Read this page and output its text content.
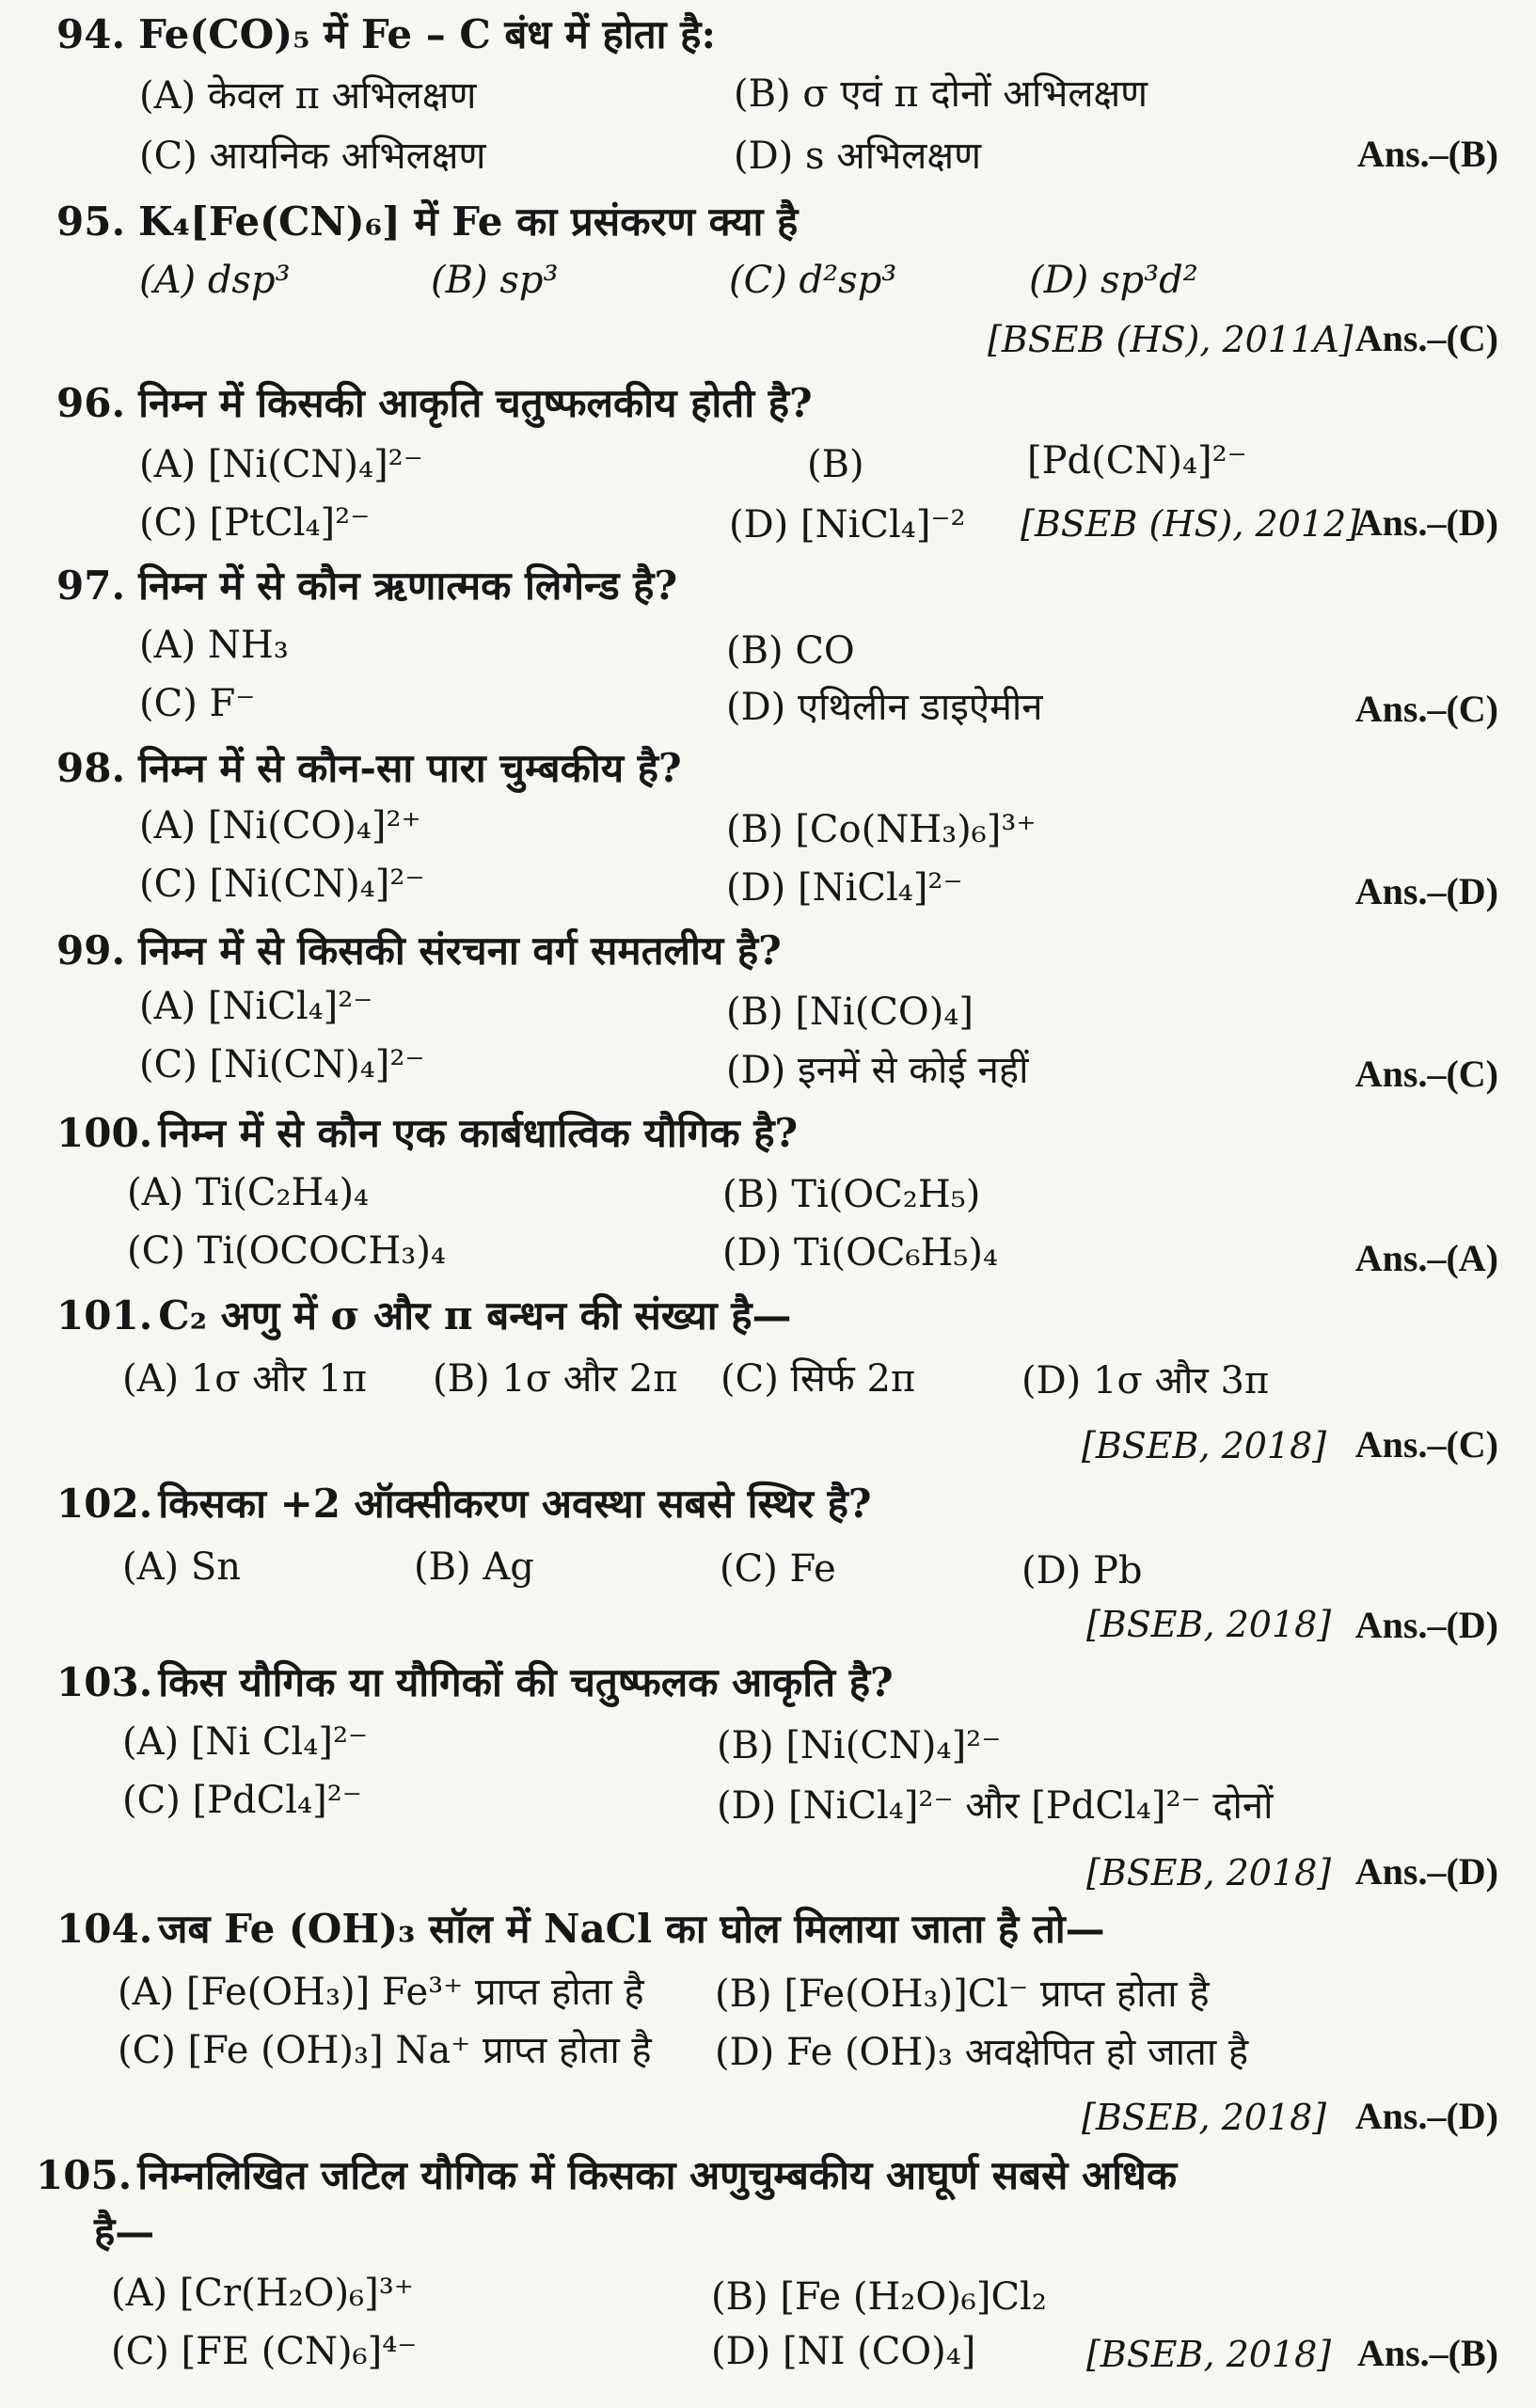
94. Fe(CO)₅ में Fe – C बंध में होता है:
(A) केवल π अभिलक्षण	(B) σ एवं π दोनों अभिलक्षण
(C) आयनिक अभिलक्षण	(D) s अभिलक्षण	Ans.–(B)
95. K₄[Fe(CN)₆] में Fe का प्रसंकरण क्या है
(A) dsp³	(B) sp³	(C) d²sp³	(D) sp³d²
[BSEB (HS), 2011A] Ans.–(C)
96. निम्न में किसकी आकृति चतुष्फलकीय होती है?
(A) [Ni(CN)₄]²⁻	(B)	[Pd(CN)₄]²⁻
(C) [PtCl₄]²⁻	(D) [NiCl₄]⁻² [BSEB (HS), 2012]
Ans.–(D)
97. निम्न में से कौन ऋणात्मक लिगेन्ड है?
(A) NH₃	(B) CO
(C) F⁻	(D) एथिलीन डाइऐमीन	Ans.–(C)
98. निम्न में से कौन-सा पारा चुम्बकीय है?
(A) [Ni(CO)₄]²⁺	(B) [Co(NH₃)₆]³⁺
(C) [Ni(CN)₄]²⁻	(D) [NiCl₄]²⁻	Ans.–(D)
99. निम्न में से किसकी संरचना वर्ग समतलीय है?
(A) [NiCl₄]²⁻	(B) [Ni(CO)₄]
(C) [Ni(CN)₄]²⁻	(D) इनमें से कोई नहीं	Ans.–(C)
100. निम्न में से कौन एक कार्बधात्विक यौगिक है?
(A) Ti(C₂H₄)₄	(B) Ti(OC₂H₅)
(C) Ti(OCOCH₃)₄	(D) Ti(OC₆H₅)₄	Ans.–(A)
101. C₂ अणु में σ और π बन्धन की संख्या है—
(A) 1σ और 1π (B) 1σ और 2π (C) सिर्फ 2π	(D) 1σ और 3π
[BSEB, 2018] Ans.–(C)
102. किसका +2 ऑक्सीकरण अवस्था सबसे स्थिर है?
(A) Sn	(B) Ag	(C) Fe	(D) Pb
[BSEB, 2018] Ans.–(D)
103. किस यौगिक या यौगिकों की चतुष्फलक आकृति है?
(A) [Ni Cl₄]²⁻	(B) [Ni(CN)₄]²⁻
(C) [PdCl₄]²⁻	(D) [NiCl₄]²⁻ और [PdCl₄]²⁻ दोनों
[BSEB, 2018] Ans.–(D)
104. जब Fe (OH)₃ सॉल में NaCl का घोल मिलाया जाता है तो—
(A) [Fe(OH₃)] Fe³⁺ प्राप्त होता है (B) [Fe(OH₃)]Cl⁻ प्राप्त होता है
(C) [Fe (OH)₃] Na⁺ प्राप्त होता है (D) Fe (OH)₃ अवक्षेपित हो जाता है
[BSEB, 2018] Ans.–(D)
105. निम्नलिखित जटिल यौगिक में किसका अणुचुम्बकीय आघूर्ण सबसे अधिक
है—
(A) [Cr(H₂O)₆]³⁺	(B) [Fe (H₂O)₆]Cl₂
(C) [FE (CN)₆]⁴⁻	(D) [NI (CO)₄]	[BSEB, 2018] Ans.–(B)
